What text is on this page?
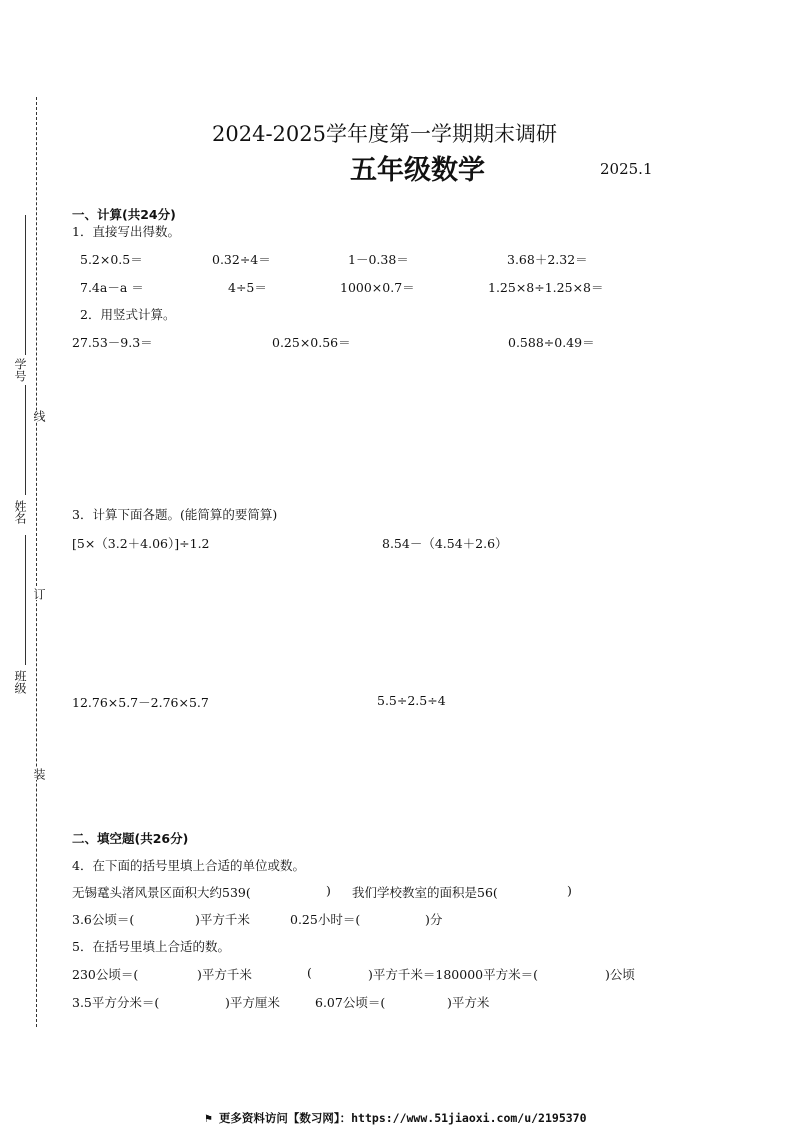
学号
姓名
班级
线
订
装
2024-2025学年度第一学期期末调研
五年级数学	2025.1
一、计算(共24分)
1．直接写出得数。
5.2×0.5＝	0.32÷4＝	1－0.38＝	3.68＋2.32＝
7.4a－a ＝	4÷5＝	1000×0.7＝	1.25×8÷1.25×8＝
2．用竖式计算。
27.53－9.3＝	0.25×0.56＝	0.588÷0.49＝
3．计算下面各题。(能简算的要简算)
[5×（3.2＋4.06）]÷1.2	8.54－（4.54＋2.6）
12.76×5.7－2.76×5.7	5.5÷2.5÷4
二、填空题(共26分)
4．在下面的括号里填上合适的单位或数。
无锡鼋头渚风景区面积大约539(	) 我们学校教室的面积是56(	)
3.6公顷＝(	)平方千米	0.25小时＝(	)分
5．在括号里填上合适的数。
230公顷＝(	)平方千米	(	)平方千米＝180000平方米＝(	)公顷
3.5平方分米＝(	)平方厘米	6.07公顷＝(	)平方米
⚑ 更多资料访问【数习网】：https://www.51jiaoxi.com/u/2195370
